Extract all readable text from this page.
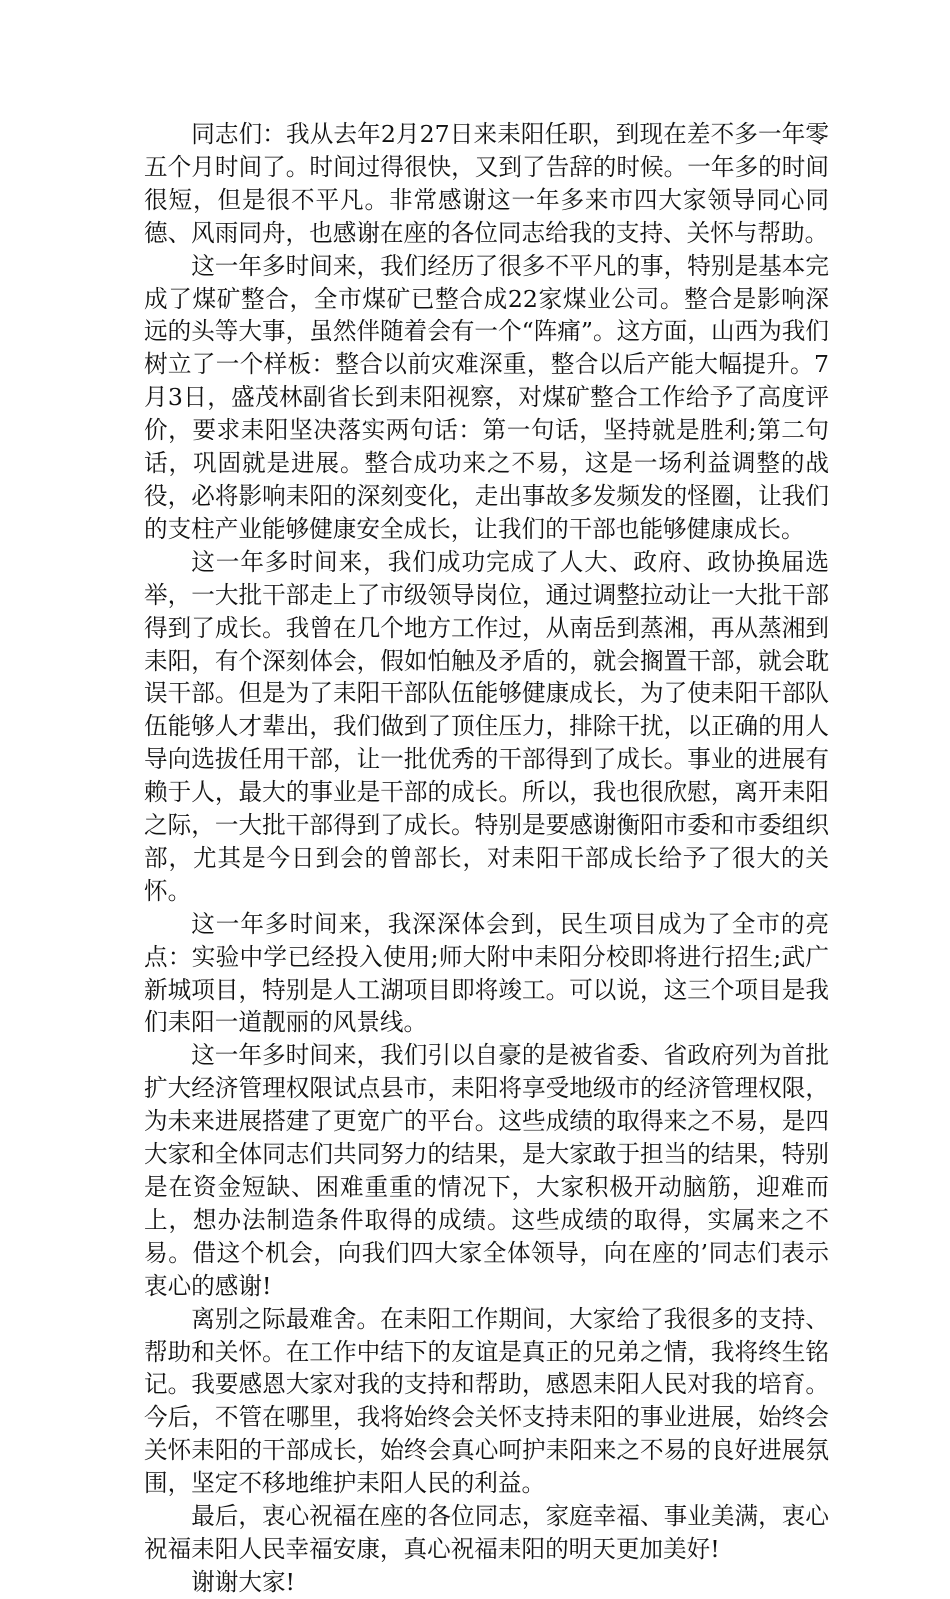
同志们：我从去年2月27日来耒阳任职，到现在差不多一年零五个月时间了。时间过得很快，又到了告辞的时候。一年多的时间很短，但是很不平凡。非常感谢这一年多来市四大家领导同心同德、风雨同舟，也感谢在座的各位同志给我的支持、关怀与帮助。

这一年多时间来，我们经历了很多不平凡的事，特别是基本完成了煤矿整合，全市煤矿已整合成22家煤业公司。整合是影响深远的头等大事，虽然伴随着会有一个“阵痛”。这方面，山西为我们树立了一个样板：整合以前灾难深重，整合以后产能大幅提升。7月3日，盛茂林副省长到耒阳视察，对煤矿整合工作给予了高度评价，要求耒阳坚决落实两句话：第一句话，坚持就是胜利;第二句话，巩固就是进展。整合成功来之不易，这是一场利益调整的战役，必将影响耒阳的深刻变化，走出事故多发频发的怪圈，让我们的支柱产业能够健康安全成长，让我们的干部也能够健康成长。

这一年多时间来，我们成功完成了人大、政府、政协换届选举，一大批干部走上了市级领导岗位，通过调整拉动让一大批干部得到了成长。我曾在几个地方工作过，从南岳到蒸湘，再从蒸湘到耒阳，有个深刻体会，假如怕触及矛盾的，就会搁置干部，就会耽误干部。但是为了耒阳干部队伍能够健康成长，为了使耒阳干部队伍能够人才辈出，我们做到了顶住压力，排除干扰，以正确的用人导向选拔任用干部，让一批优秀的干部得到了成长。事业的进展有赖于人，最大的事业是干部的成长。所以，我也很欣慰，离开耒阳之际，一大批干部得到了成长。特别是要感谢衡阳市委和市委组织部，尤其是今日到会的曾部长，对耒阳干部成长给予了很大的关怀。

这一年多时间来，我深深体会到，民生项目成为了全市的亮点：实验中学已经投入使用;师大附中耒阳分校即将进行招生;武广新城项目，特别是人工湖项目即将竣工。可以说，这三个项目是我们耒阳一道靓丽的风景线。

这一年多时间来，我们引以自豪的是被省委、省政府列为首批扩大经济管理权限试点县市，耒阳将享受地级市的经济管理权限，为未来进展搭建了更宽广的平台。这些成绩的取得来之不易，是四大家和全体同志们共同努力的结果，是大家敢于担当的结果，特别是在资金短缺、困难重重的情况下，大家积极开动脑筋，迎难而上，想办法制造条件取得的成绩。这些成绩的取得，实属来之不易。借这个机会，向我们四大家全体领导，向在座的’同志们表示衷心的感谢!

离别之际最难舍。在耒阳工作期间，大家给了我很多的支持、帮助和关怀。在工作中结下的友谊是真正的兄弟之情，我将终生铭记。我要感恩大家对我的支持和帮助，感恩耒阳人民对我的培育。今后，不管在哪里，我将始终会关怀支持耒阳的事业进展，始终会关怀耒阳的干部成长，始终会真心呵护耒阳来之不易的良好进展氛围，坚定不移地维护耒阳人民的利益。

最后，衷心祝福在座的各位同志，家庭幸福、事业美满，衷心祝福耒阳人民幸福安康，真心祝福耒阳的明天更加美好!

谢谢大家!
